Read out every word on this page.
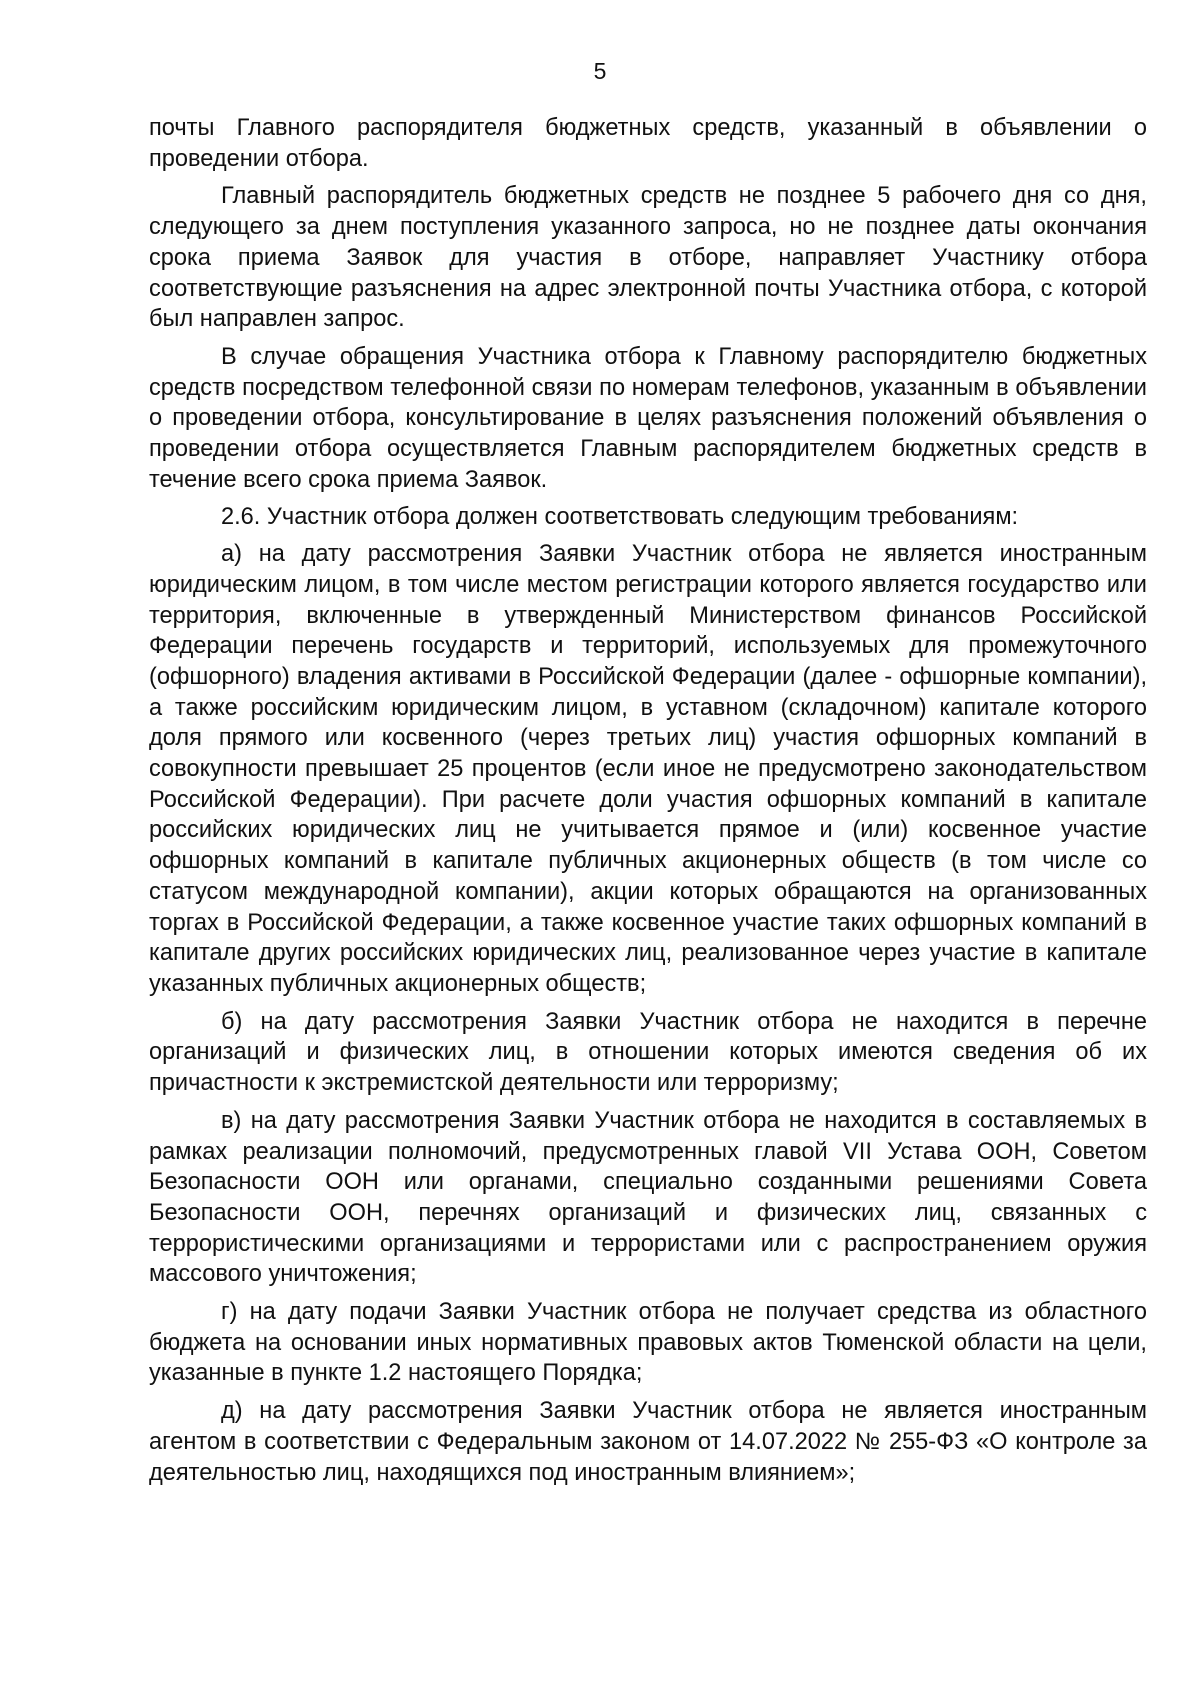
5

почты Главного распорядителя бюджетных средств, указанный в объявлении о проведении отбора.

Главный распорядитель бюджетных средств не позднее 5 рабочего дня со дня, следующего за днем поступления указанного запроса, но не позднее даты окончания срока приема Заявок для участия в отборе, направляет Участнику отбора соответствующие разъяснения на адрес электронной почты Участника отбора, с которой был направлен запрос.

В случае обращения Участника отбора к Главному распорядителю бюджетных средств посредством телефонной связи по номерам телефонов, указанным в объявлении о проведении отбора, консультирование в целях разъяснения положений объявления о проведении отбора осуществляется Главным распорядителем бюджетных средств в течение всего срока приема Заявок.

2.6. Участник отбора должен соответствовать следующим требованиям:

а) на дату рассмотрения Заявки Участник отбора не является иностранным юридическим лицом, в том числе местом регистрации которого является государство или территория, включенные в утвержденный Министерством финансов Российской Федерации перечень государств и территорий, используемых для промежуточного (офшорного) владения активами в Российской Федерации (далее - офшорные компании), а также российским юридическим лицом, в уставном (складочном) капитале которого доля прямого или косвенного (через третьих лиц) участия офшорных компаний в совокупности превышает 25 процентов (если иное не предусмотрено законодательством Российской Федерации). При расчете доли участия офшорных компаний в капитале российских юридических лиц не учитывается прямое и (или) косвенное участие офшорных компаний в капитале публичных акционерных обществ (в том числе со статусом международной компании), акции которых обращаются на организованных торгах в Российской Федерации, а также косвенное участие таких офшорных компаний в капитале других российских юридических лиц, реализованное через участие в капитале указанных публичных акционерных обществ;

б) на дату рассмотрения Заявки Участник отбора не находится в перечне организаций и физических лиц, в отношении которых имеются сведения об их причастности к экстремистской деятельности или терроризму;

в) на дату рассмотрения Заявки Участник отбора не находится в составляемых в рамках реализации полномочий, предусмотренных главой VII Устава ООН, Советом Безопасности ООН или органами, специально созданными решениями Совета Безопасности ООН, перечнях организаций и физических лиц, связанных с террористическими организациями и террористами или с распространением оружия массового уничтожения;

г) на дату подачи Заявки Участник отбора не получает средства из областного бюджета на основании иных нормативных правовых актов Тюменской области на цели, указанные в пункте 1.2 настоящего Порядка;

д) на дату рассмотрения Заявки Участник отбора не является иностранным агентом в соответствии с Федеральным законом от 14.07.2022 № 255-ФЗ «О контроле за деятельностью лиц, находящихся под иностранным влиянием»;
